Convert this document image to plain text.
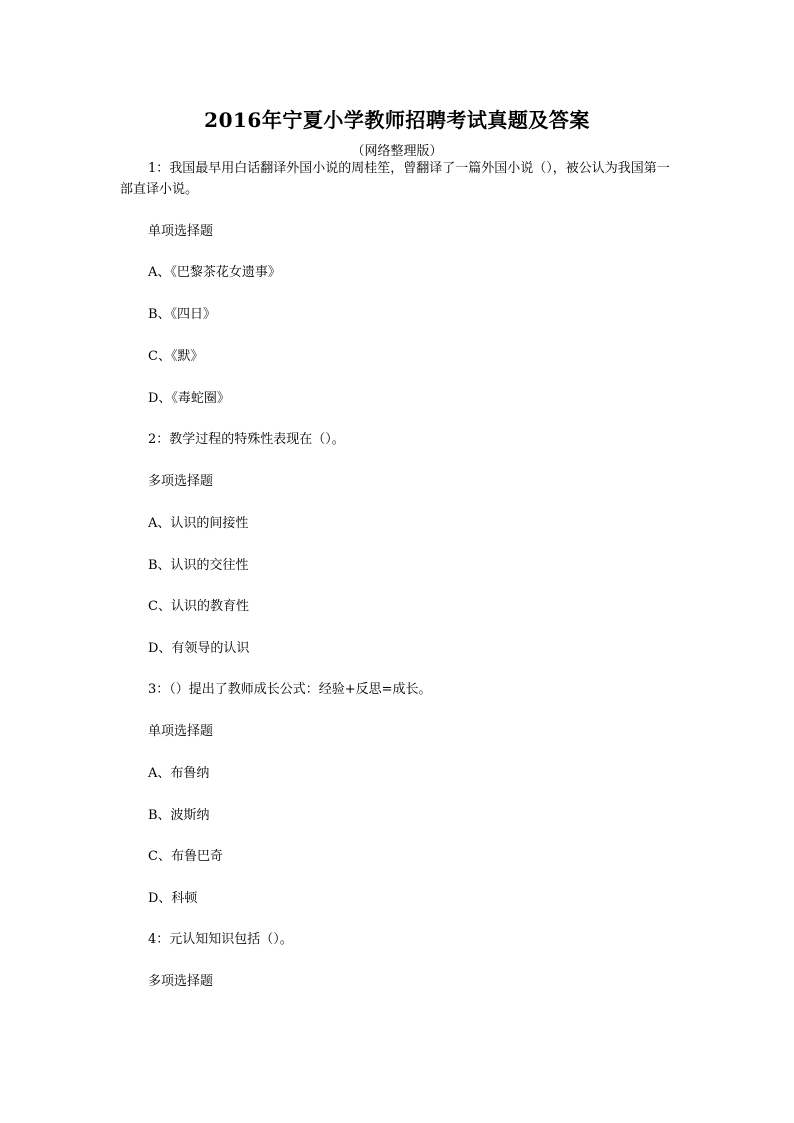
2016年宁夏小学教师招聘考试真题及答案
（网络整理版）
1：我国最早用白话翻译外国小说的周桂笙，曾翻译了一篇外国小说（），被公认为我国第一部直译小说。
单项选择题
A、《巴黎茶花女遗事》
B、《四日》
C、《默》
D、《毒蛇圈》
2：教学过程的特殊性表现在（）。
多项选择题
A、认识的间接性
B、认识的交往性
C、认识的教育性
D、有领导的认识
3：（）提出了教师成长公式：经验+反思=成长。
单项选择题
A、布鲁纳
B、波斯纳
C、布鲁巴奇
D、科顿
4：元认知知识包括（）。
多项选择题
